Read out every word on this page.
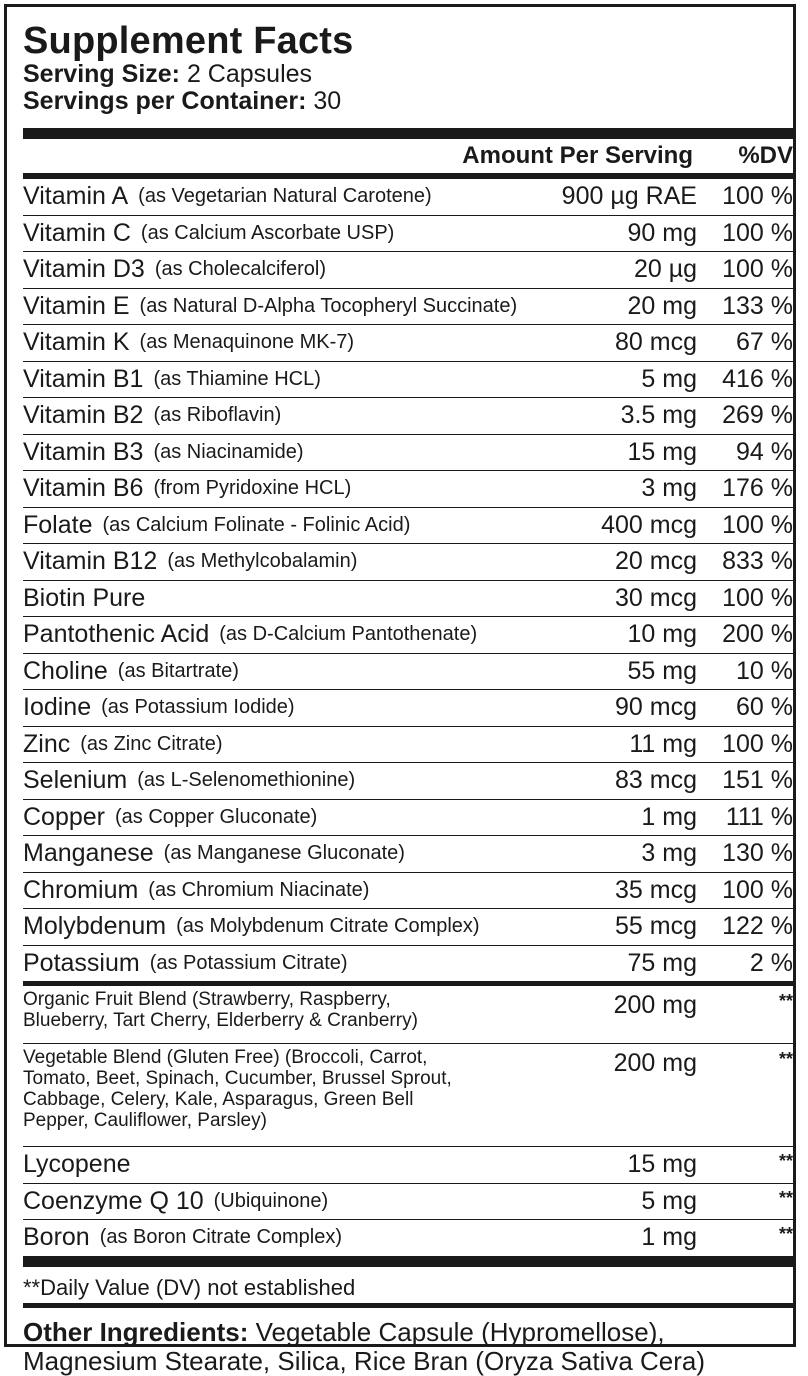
Supplement Facts
Serving Size: 2 Capsules
Servings per Container: 30
Amount Per Serving	%DV
Vitamin A (as Vegetarian Natural Carotene)	900 µg RAE	100 %
Vitamin C (as Calcium Ascorbate USP)	90 mg	100 %
Vitamin D3 (as Cholecalciferol)	20 µg	100 %
Vitamin E (as Natural D-Alpha Tocopheryl Succinate)	20 mg	133 %
Vitamin K (as Menaquinone MK-7)	80 mcg	67 %
Vitamin B1 (as Thiamine HCL)	5 mg	416 %
Vitamin B2 (as Riboflavin)	3.5 mg	269 %
Vitamin B3 (as Niacinamide)	15 mg	94 %
Vitamin B6 (from Pyridoxine HCL)	3 mg	176 %
Folate (as Calcium Folinate - Folinic Acid)	400 mcg	100 %
Vitamin B12 (as Methylcobalamin)	20 mcg	833 %
Biotin Pure	30 mcg	100 %
Pantothenic Acid (as D-Calcium Pantothenate)	10 mg	200 %
Choline (as Bitartrate)	55 mg	10 %
Iodine (as Potassium Iodide)	90 mcg	60 %
Zinc (as Zinc Citrate)	11 mg	100 %
Selenium (as L-Selenomethionine)	83 mcg	151 %
Copper (as Copper Gluconate)	1 mg	111 %
Manganese (as Manganese Gluconate)	3 mg	130 %
Chromium (as Chromium Niacinate)	35 mcg	100 %
Molybdenum (as Molybdenum Citrate Complex)	55 mcg	122 %
Potassium (as Potassium Citrate)	75 mg	2 %
Organic Fruit Blend (Strawberry, Raspberry,
Blueberry, Tart Cherry, Elderberry & Cranberry)
200 mg	**
Vegetable Blend (Gluten Free) (Broccoli, Carrot,
Tomato, Beet, Spinach, Cucumber, Brussel Sprout,
Cabbage, Celery, Kale, Asparagus, Green Bell
Pepper, Cauliflower, Parsley)
200 mg	**
Lycopene	15 mg	**
Coenzyme Q 10 (Ubiquinone)	5 mg	**
Boron (as Boron Citrate Complex)	1 mg	**
**Daily Value (DV) not established
Other Ingredients: Vegetable Capsule (Hypromellose),
Magnesium Stearate, Silica, Rice Bran (Oryza Sativa Cera)
